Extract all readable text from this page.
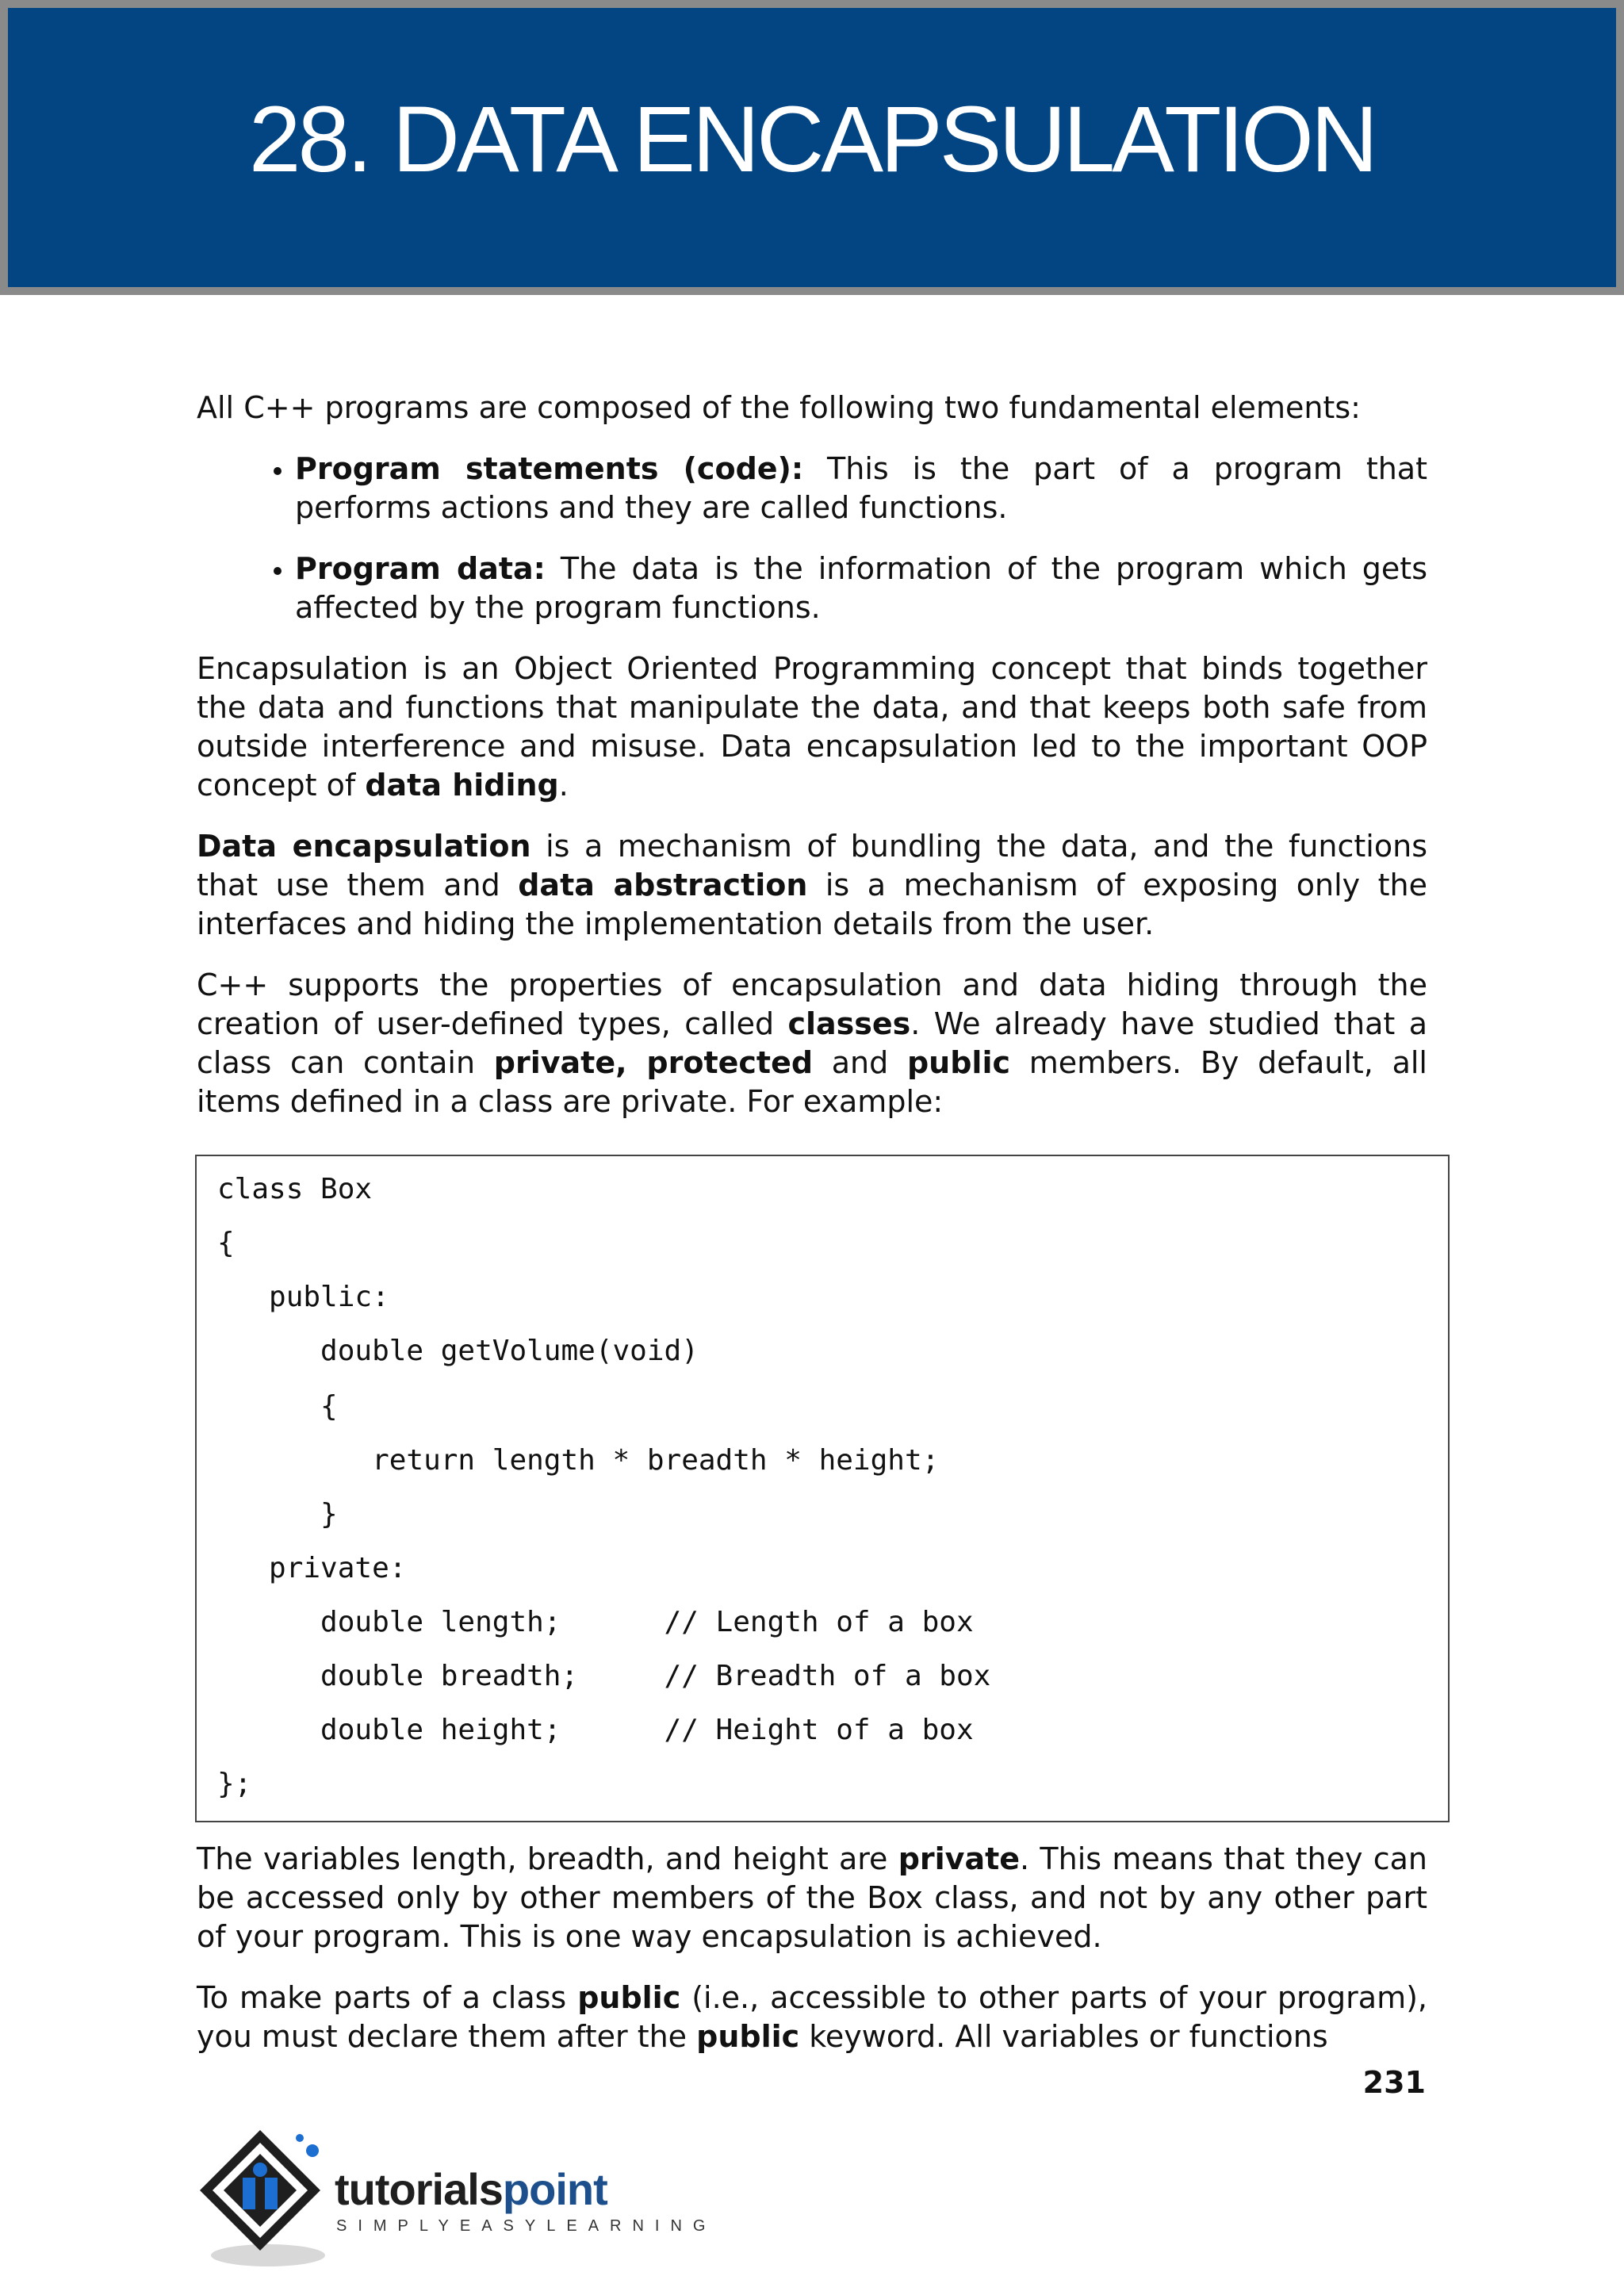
28. DATA ENCAPSULATION

All C++ programs are composed of the following two fundamental elements:

• Program statements (code): This is the part of a program that performs actions and they are called functions.
• Program data: The data is the information of the program which gets affected by the program functions.

Encapsulation is an Object Oriented Programming concept that binds together the data and functions that manipulate the data, and that keeps both safe from outside interference and misuse. Data encapsulation led to the important OOP concept of data hiding.

Data encapsulation is a mechanism of bundling the data, and the functions that use them and data abstraction is a mechanism of exposing only the interfaces and hiding the implementation details from the user.

C++ supports the properties of encapsulation and data hiding through the creation of user-defined types, called classes. We already have studied that a class can contain private, protected and public members. By default, all items defined in a class are private. For example:

class Box
{
public:
double getVolume(void)
{
return length * breadth * height;
}
private:
double length;      // Length of a box
double breadth;     // Breadth of a box
double height;      // Height of a box
};

The variables length, breadth, and height are private. This means that they can be accessed only by other members of the Box class, and not by any other part of your program. This is one way encapsulation is achieved.

To make parts of a class public (i.e., accessible to other parts of your program), you must declare them after the public keyword. All variables or functions

231
tutorialspoint
SIMPLYEASYLEARNING
